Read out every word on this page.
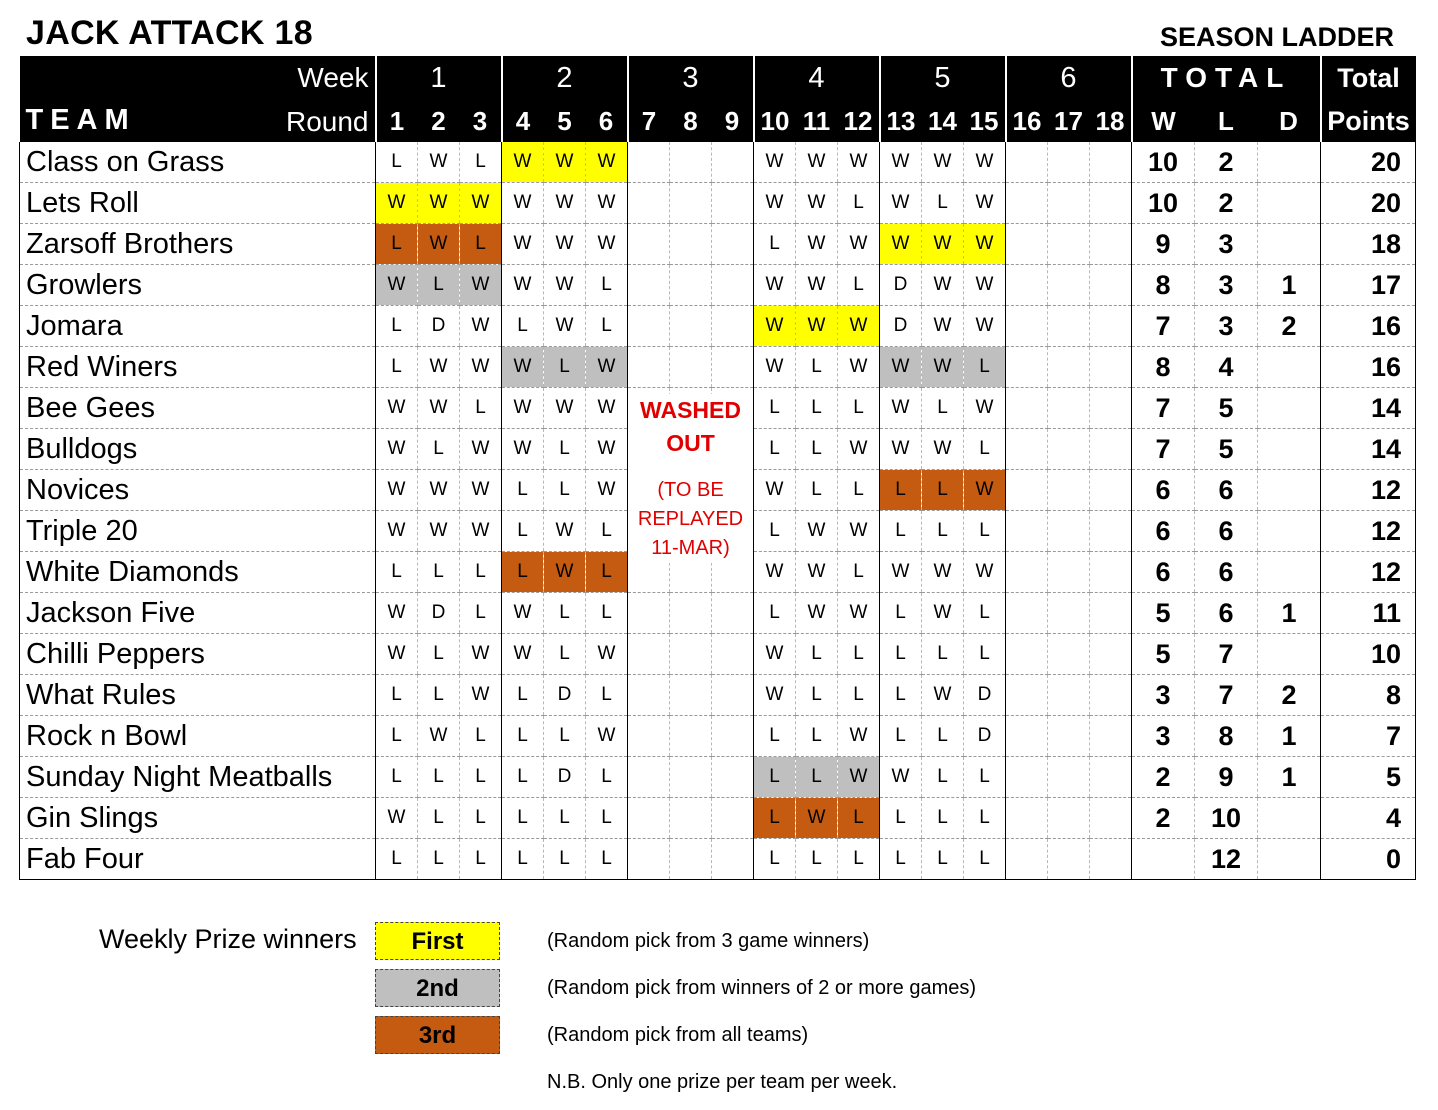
JACK ATTACK 18	SEASON LADDER
Week	1			2			3			4			5			6			TOTAL			Total

TEAM Round	1	2	3	4	5	6	7	8	9	10	11	12	13	14	15	16	17	18	W	L	D	Points
Class on Grass	L	W	L	W	W	W				W	W	W	W	W	W				10	2		20
Lets Roll	W	W	W	W	W	W				W	W	L	W	L	W				10	2		20
Zarsoff Brothers	L	W	L	W	W	W				L	W	W	W	W	W				9	3		18
Growlers	W	L	W	W	W	L				W	W	L	D	W	W				8	3	1	17
Jomara	L	D	W	L	W	L				W	W	W	D	W	W				7	3	2	16
Red Winers	L	W	W	W	L	W				W	L	W	W	W	L				8	4		16
Bee Gees	W	W	L	W	W	W				L	L	L	W	L	W				7	5		14
Bulldogs	W	L	W	W	L	W				L	L	W	W	W	L				7	5		14
Novices	W	W	W	L	L	W				W	L	L	L	L	W				6	6		12
Triple 20	W	W	W	L	W	L				L	W	W	L	L	L				6	6		12
White Diamonds	L	L	L	L	W	L				W	W	L	W	W	W				6	6		12
Jackson Five	W	D	L	W	L	L				L	W	W	L	W	L				5	6	1	11
Chilli Peppers	W	L	W	W	L	W				W	L	L	L	L	L				5	7		10
What Rules	L	L	W	L	D	L				W	L	L	L	W	D				3	7	2	8
Rock n Bowl	L	W	L	L	L	W				L	L	W	L	L	D				3	8	1	7
Sunday Night Meatballs	L	L	L	L	D	L				L	L	W	W	L	L				2	9	1	5
Gin Slings	W	L	L	L	L	L				L	W	L	L	L	L				2	10		4
Fab Four	L	L	L	L	L	L				L	L	L	L	L	L					12		0
WASHED
OUT
(TO BE
REPLAYED
11-MAR)
Weekly Prize winners	First
2nd
3rd
(Random pick from 3 game winners)
(Random pick from winners of 2 or more games)
(Random pick from all teams)
N.B. Only one prize per team per week.
